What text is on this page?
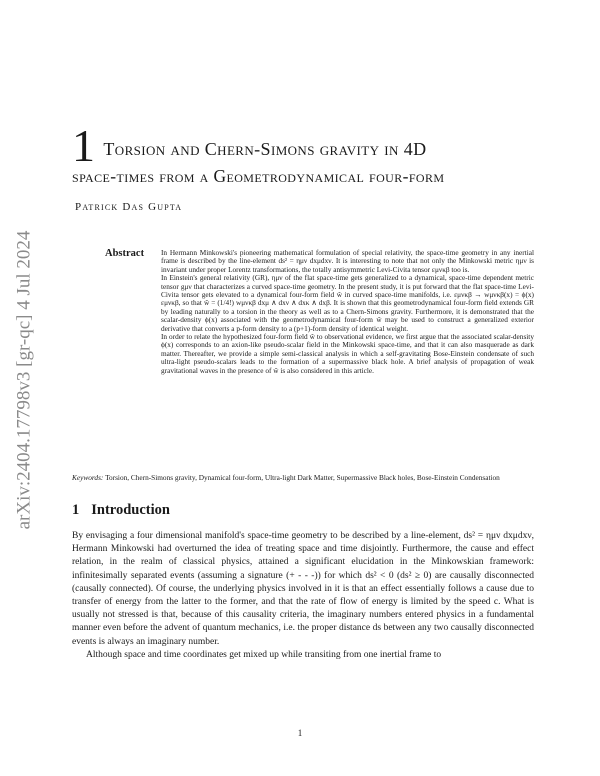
arXiv:2404.17798v3 [gr-qc] 4 Jul 2024
1 Torsion and Chern-Simons gravity in 4D
space-times from a Geometrodynamical four-form
Patrick Das Gupta
Abstract In Hermann Minkowski's pioneering mathematical formulation of special relativity, the space-time geometry in any inertial frame is described by the line-element ds² = ημν dxμdxν. It is interesting to note that not only the Minkowski metric ημν is invariant under proper Lorentz transformations, the totally antisymmetric Levi-Civita tensor εμνκβ too is.

In Einstein's general relativity (GR), ημν of the flat space-time gets generalized to a dynamical, space-time dependent metric tensor gμν that characterizes a curved space-time geometry. In the present study, it is put forward that the flat space-time Levi-Civita tensor gets elevated to a dynamical four-form field w̃ in curved space-time manifolds, i.e. εμνκβ → wμνκβ(x) = ϕ(x) εμνκβ, so that w̃ = (1/4!) wμνκβ dxμ ∧ dxν ∧ dxκ ∧ dxβ. It is shown that this geometrodynamical four-form field extends GR by leading naturally to a torsion in the theory as well as to a Chern-Simons gravity. Furthermore, it is demonstrated that the scalar-density ϕ(x) associated with the geometrodynamical four-form w̃ may be used to construct a generalized exterior derivative that converts a p-form density to a (p+1)-form density of identical weight.

In order to relate the hypothesized four-form field w̃ to observational evidence, we first argue that the associated scalar-density ϕ(x) corresponds to an axion-like pseudo-scalar field in the Minkowski space-time, and that it can also masquerade as dark matter. Thereafter, we provide a simple semi-classical analysis in which a self-gravitating Bose-Einstein condensate of such ultra-light pseudo-scalars leads to the formation of a supermassive black hole. A brief analysis of propagation of weak gravitational waves in the presence of w̃ is also considered in this article.

Keywords: Torsion, Chern-Simons gravity, Dynamical four-form, Ultra-light Dark Matter, Supermassive Black holes, Bose-Einstein Condensation
1 Introduction

By envisaging a four dimensional manifold's space-time geometry to be described by a line-element, ds² = ημν dxμdxν, Hermann Minkowski had overturned the idea of treating space and time disjointly. Furthermore, the cause and effect relation, in the realm of classical physics, attained a significant elucidation in the Minkowskian framework: infinitesimally separated events (assuming a signature (+ - - -)) for which ds² < 0 (ds² ≥ 0) are causally disconnected (causally connected). Of course, the underlying physics involved in it is that an effect essentially follows a cause due to transfer of energy from the latter to the former, and that the rate of flow of energy is limited by the speed c. What is usually not stressed is that, because of this causality criteria, the imaginary numbers entered physics in a fundamental manner even before the advent of quantum mechanics, i.e. the proper distance ds between any two causally disconnected events is always an imaginary number.

Although space and time coordinates get mixed up while transiting from one inertial frame to

1
